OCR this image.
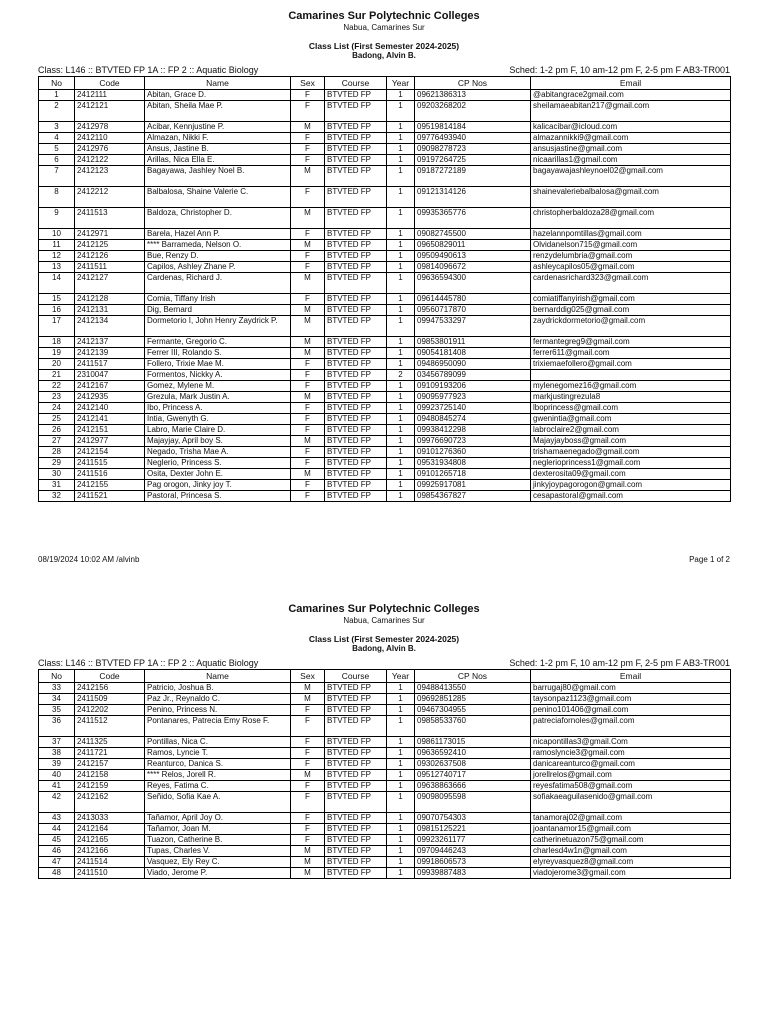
Camarines Sur Polytechnic Colleges
Nabua, Camarines Sur
Class List (First Semester 2024-2025)
Badong, Alvin B.
Class: L146 :: BTVTED FP 1A :: FP 2 :: Aquatic Biology	Sched: 1-2 pm F, 10 am-12 pm F, 2-5 pm F AB3-TR001
No	Code	Name	Sex	Course	Year	CP Nos	Email
1	2412111	Abitan, Grace D.	F	BTVTED FP	1	09621386313	@abitangrace2gmail.com
2	2412121	Abitan, Sheila Mae P.	F	BTVTED FP	1	09203268202	sheilamaeabitan217@gmail.com
3	2412978	Acibar, Kennjustine P.	M	BTVTED FP	1	09519814184	kalicacibar@icloud.com
4	2412110	Almazan, Nikki F.	F	BTVTED FP	1	09776493940	almazannikki9@gmail.com
5	2412976	Ansus, Jastine B.	F	BTVTED FP	1	09098278723	ansusjastine@gmail.com
6	2412122	Arillas, Nica Ella E.	F	BTVTED FP	1	09197264725	nicaarillas1@gmail.com
7	2412123	Bagayawa, Jashley Noel B.	M	BTVTED FP	1	09187272189	bagayawajashleynoel02@gmail.com
8	2412212	Balbalosa, Shaine Valerie C.	F	BTVTED FP	1	09121314126	shainevaleriebalbalosa@gmail.com
9	2411513	Baldoza, Christopher D.	M	BTVTED FP	1	09935365776	christopherbaldoza28@gmail.com
10	2412971	Barela, Hazel Ann P.	F	BTVTED FP	1	09082745500	hazelannpomtillas@gmail.com
11	2412125	**** Barrameda, Nelson O.	M	BTVTED FP	1	09650829011	Olvidanelson715@gmail.com
12	2412126	Bue, Renzy D.	F	BTVTED FP	1	09509490613	renzydelumbria@gmail.com
13	2411511	Capilos, Ashley Zhane P.	F	BTVTED FP	1	09814096672	ashleycapilos05@gmail.com
14	2412127	Cardenas, Richard J.	M	BTVTED FP	1	09636594300	cardenasrichard323@gmail.com
15	2412128	Comia, Tiffany Irish	F	BTVTED FP	1	09614445780	comiatiffanyirish@gmail.com
16	2412131	Dig, Bernard	M	BTVTED FP	1	09560717870	bernarddig025@gmail.com
17	2412134	Dormetorio I, John Henry Zaydrick P.	M	BTVTED FP	1	09947533297	zaydrickdormetorio@gmail.com
18	2412137	Fermante, Gregorio C.	M	BTVTED FP	1	09853801911	fermantegreg9@gmail.com
19	2412139	Ferrer III, Rolando S.	M	BTVTED FP	1	09054181408	ferrer611@gmail.com
20	2411517	Follero, Trixie Mae M.	F	BTVTED FP	1	09486950090	trixiemaefollero@gmail.com
21	2310047	Formentos, Nickky A.	F	BTVTED FP	2	03456789099	
22	2412167	Gomez, Mylene M.	F	BTVTED FP	1	09109193206	mylenegomez16@gmail.com
23	2412935	Grezula, Mark Justin A.	M	BTVTED FP	1	09095977923	markjustingrezula8
24	2412140	Ibo, Princess A.	F	BTVTED FP	1	09923725140	lboprincess@gmail.com
25	2412141	Intia, Gwenyth G.	F	BTVTED FP	1	09480845274	gwenintia@gmail.com
26	2412151	Labro, Marie Claire D.	F	BTVTED FP	1	09938412298	labroclaire2@gmail.com
27	2412977	Majayjay, April boy S.	M	BTVTED FP	1	09976690723	Majayjayboss@gmail.com
28	2412154	Negado, Trisha Mae A.	F	BTVTED FP	1	09101276360	trishamaenegado@gmail.com
29	2411515	Neglerio, Princess S.	F	BTVTED FP	1	09531934808	neglerioprincess1@gmail.com
30	2411516	Osita, Dexter John E.	M	BTVTED FP	1	09101265718	dexterosita09@gmail.com
31	2412155	Pag orogon, Jinky joy T.	F	BTVTED FP	1	09925917081	jinkyjoypagorogon@gmail.com
32	2411521	Pastoral, Princesa S.	F	BTVTED FP	1	09854367827	cesapastoral@gmail.com
08/19/2024 10:02 AM /alvinb	Page 1 of 2
Camarines Sur Polytechnic Colleges
Nabua, Camarines Sur
Class List (First Semester 2024-2025)
Badong, Alvin B.
Class: L146 :: BTVTED FP 1A :: FP 2 :: Aquatic Biology	Sched: 1-2 pm F, 10 am-12 pm F, 2-5 pm F AB3-TR001
No	Code	Name	Sex	Course	Year	CP Nos	Email
33	2412156	Patricio, Joshua B.	M	BTVTED FP	1	09488413550	barrugaj80@gmail.com
34	2411509	Paz Jr., Reynaldo C.	M	BTVTED FP	1	09692851285	taysonpaz1123@gmail.com
35	2412202	Penino, Princess N.	F	BTVTED FP	1	09467304955	penino101406@gmail.com
36	2411512	Pontanares, Patrecia Emy Rose F.	F	BTVTED FP	1	09858533760	patreciafornoles@gmail.com
37	2411325	Pontillas, Nica C.	F	BTVTED FP	1	09861173015	nicapontillas3@gmail.Com
38	2411721	Ramos, Lyncie T.	F	BTVTED FP	1	09636592410	ramoslyncie3@gmail.com
39	2412157	Reanturco, Danica S.	F	BTVTED FP	1	09302637508	danicareanturco@gmail.com
40	2412158	**** Relos, Jorell R.	M	BTVTED FP	1	09512740717	jorellrelos@gmail.com
41	2412159	Reyes, Fatima C.	F	BTVTED FP	1	09638863666	reyesfatima508@gmail.com
42	2412162	Señido, Sofia Kae A.	F	BTVTED FP	1	09098095598	sofiakaeaguilasenido@gmail.com
43	2413033	Tañamor, April Joy O.	F	BTVTED FP	1	09070754303	tanamoraj02@gmail.com
44	2412164	Tañamor, Joan M.	F	BTVTED FP	1	09815125221	joantanamor15@gmail.com
45	2412165	Tuazon, Catherine B.	F	BTVTED FP	1	09923261177	catherinetuazon75@gmail.com
46	2412166	Tupas, Charles V.	M	BTVTED FP	1	09709446243	charlesd4w1n@gmail.com
47	2411514	Vasquez, Ely Rey C.	M	BTVTED FP	1	09918606573	elyreyvasquez8@gmail.com
48	2411510	Viado, Jerome P.	M	BTVTED FP	1	09939887483	viadojerome3@gmail.com
